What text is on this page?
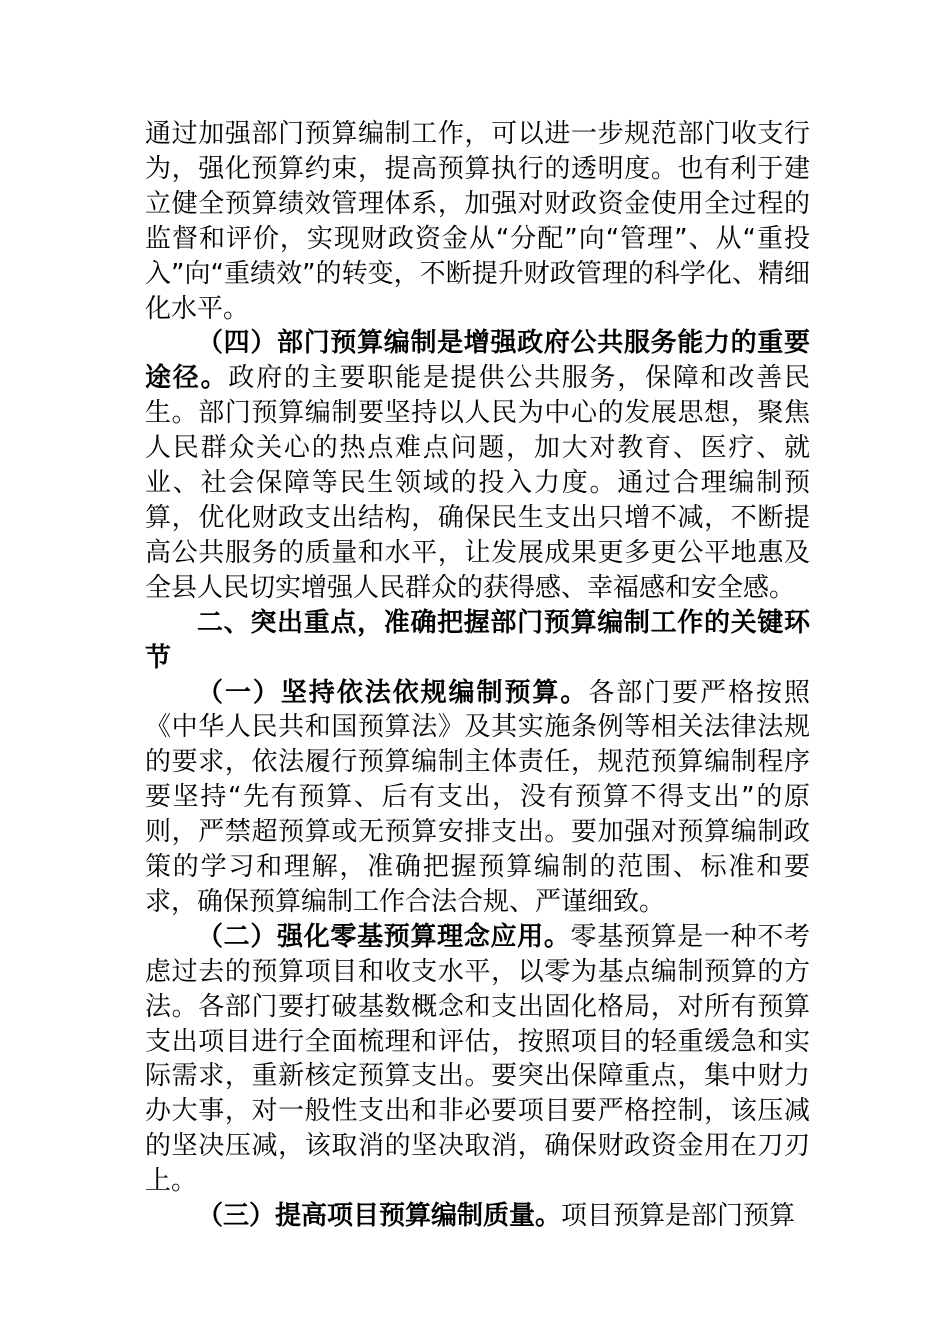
通过加强部门预算编制工作，可以进一步规范部门收支行为，强化预算约束，提高预算执行的透明度。也有利于建立健全预算绩效管理体系，加强对财政资金使用全过程的监督和评价，实现财政资金从“分配”向“管理”、从“重投入”向“重绩效”的转变，不断提升财政管理的科学化、精细化水平。

（四）部门预算编制是增强政府公共服务能力的重要途径。政府的主要职能是提供公共服务，保障和改善民生。部门预算编制要坚持以人民为中心的发展思想，聚焦人民群众关心的热点难点问题，加大对教育、医疗、就业、社会保障等民生领域的投入力度。通过合理编制预算，优化财政支出结构，确保民生支出只增不减，不断提高公共服务的质量和水平，让发展成果更多更公平地惠及全县人民切实增强人民群众的获得感、幸福感和安全感。

二、突出重点，准确把握部门预算编制工作的关键环节

（一）坚持依法依规编制预算。各部门要严格按照《中华人民共和国预算法》及其实施条例等相关法律法规的要求，依法履行预算编制主体责任，规范预算编制程序要坚持“先有预算、后有支出，没有预算不得支出”的原则，严禁超预算或无预算安排支出。要加强对预算编制政策的学习和理解，准确把握预算编制的范围、标准和要求，确保预算编制工作合法合规、严谨细致。

（二）强化零基预算理念应用。零基预算是一种不考虑过去的预算项目和收支水平，以零为基点编制预算的方法。各部门要打破基数概念和支出固化格局，对所有预算支出项目进行全面梳理和评估，按照项目的轻重缓急和实际需求，重新核定预算支出。要突出保障重点，集中财力办大事，对一般性支出和非必要项目要严格控制，该压减的坚决压减，该取消的坚决取消，确保财政资金用在刀刃上。

（三）提高项目预算编制质量。项目预算是部门预算
